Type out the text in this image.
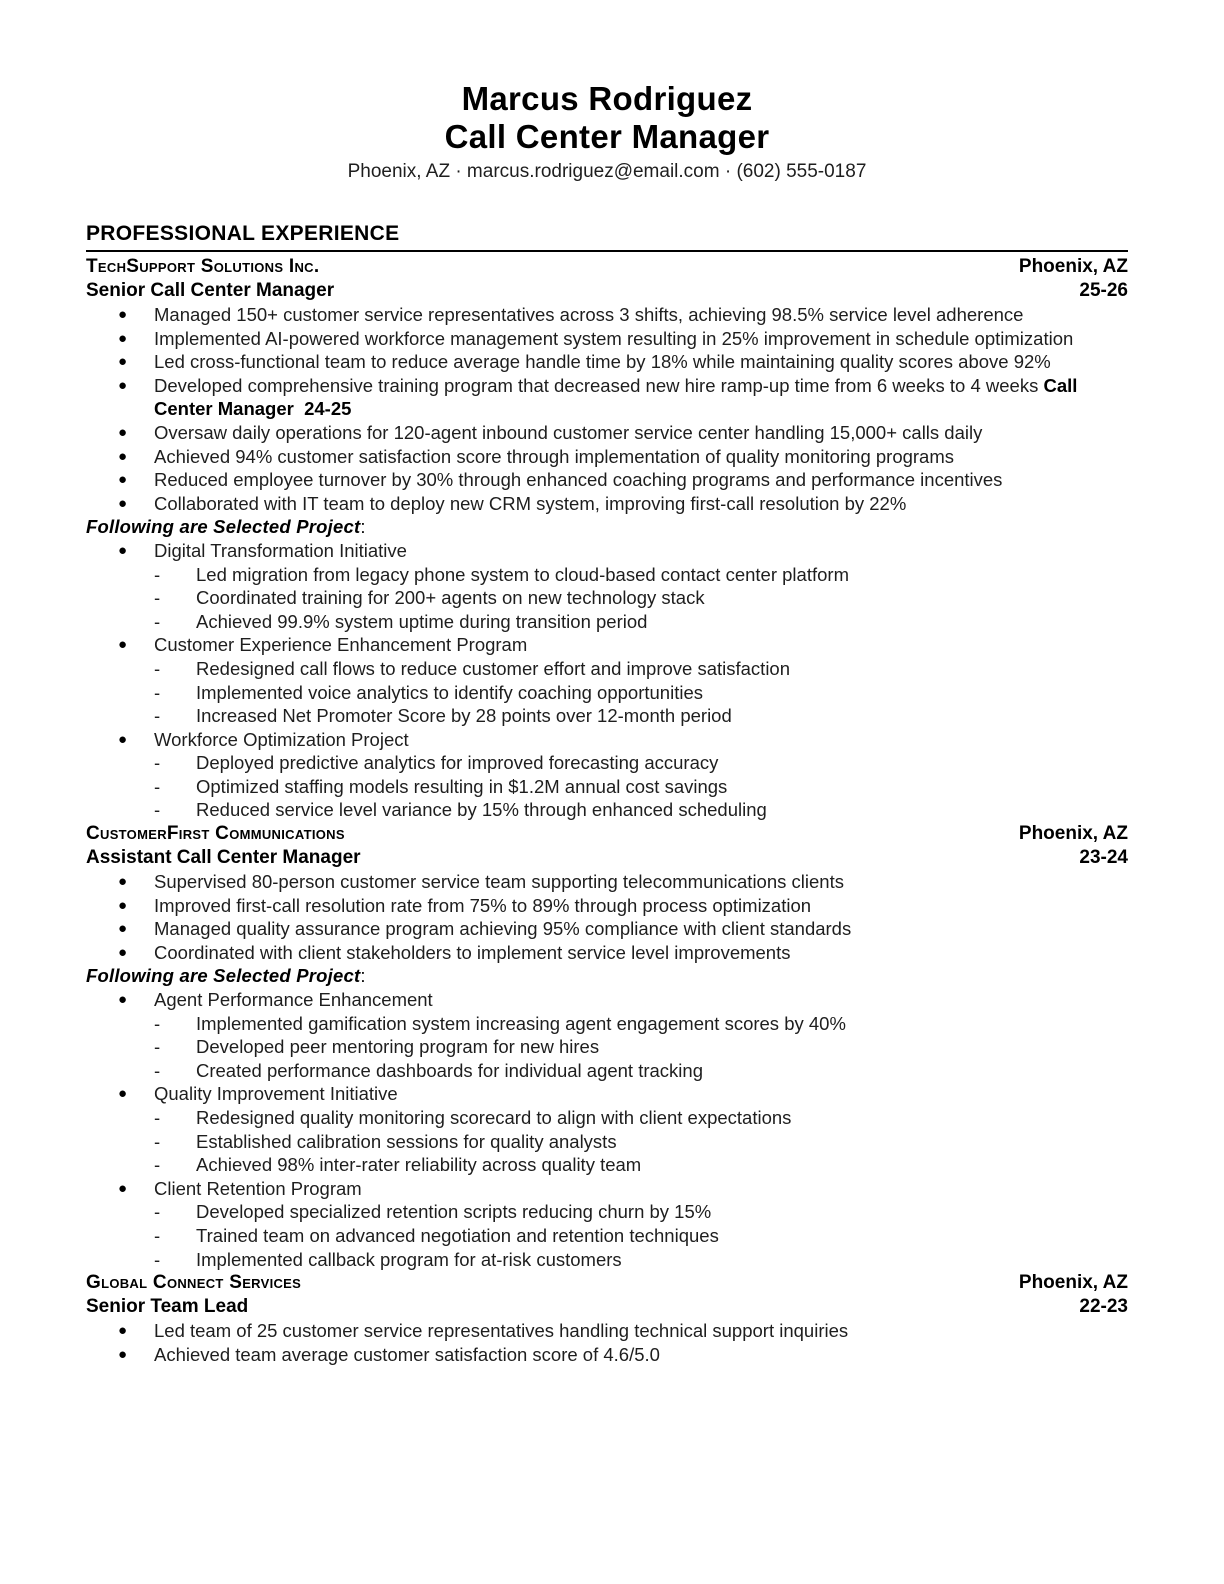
Marcus Rodriguez
Call Center Manager
Phoenix, AZ · marcus.rodriguez@email.com · (602) 555-0187
PROFESSIONAL EXPERIENCE
TechSupport Solutions Inc.	Phoenix, AZ
Senior Call Center Manager	25-26
● Managed 150+ customer service representatives across 3 shifts, achieving 98.5% service level adherence
● Implemented AI-powered workforce management system resulting in 25% improvement in schedule optimization
● Led cross-functional team to reduce average handle time by 18% while maintaining quality scores above 92%
● Developed comprehensive training program that decreased new hire ramp-up time from 6 weeks to 4 weeks Call Center Manager  24-25
● Oversaw daily operations for 120-agent inbound customer service center handling 15,000+ calls daily
● Achieved 94% customer satisfaction score through implementation of quality monitoring programs
● Reduced employee turnover by 30% through enhanced coaching programs and performance incentives
● Collaborated with IT team to deploy new CRM system, improving first-call resolution by 22%

Following are Selected Project:

● Digital Transformation Initiative
- Led migration from legacy phone system to cloud-based contact center platform
- Coordinated training for 200+ agents on new technology stack
- Achieved 99.9% system uptime during transition period
● Customer Experience Enhancement Program
- Redesigned call flows to reduce customer effort and improve satisfaction
- Implemented voice analytics to identify coaching opportunities
- Increased Net Promoter Score by 28 points over 12-month period
● Workforce Optimization Project
- Deployed predictive analytics for improved forecasting accuracy
- Optimized staffing models resulting in $1.2M annual cost savings
- Reduced service level variance by 15% through enhanced scheduling
CustomerFirst Communications	Phoenix, AZ
Assistant Call Center Manager	23-24
● Supervised 80-person customer service team supporting telecommunications clients
● Improved first-call resolution rate from 75% to 89% through process optimization
● Managed quality assurance program achieving 95% compliance with client standards
● Coordinated with client stakeholders to implement service level improvements

Following are Selected Project:

● Agent Performance Enhancement
- Implemented gamification system increasing agent engagement scores by 40%
- Developed peer mentoring program for new hires
- Created performance dashboards for individual agent tracking
● Quality Improvement Initiative
- Redesigned quality monitoring scorecard to align with client expectations
- Established calibration sessions for quality analysts
- Achieved 98% inter-rater reliability across quality team
● Client Retention Program
- Developed specialized retention scripts reducing churn by 15%
- Trained team on advanced negotiation and retention techniques
- Implemented callback program for at-risk customers
Global Connect Services	Phoenix, AZ
Senior Team Lead	22-23
● Led team of 25 customer service representatives handling technical support inquiries
● Achieved team average customer satisfaction score of 4.6/5.0
